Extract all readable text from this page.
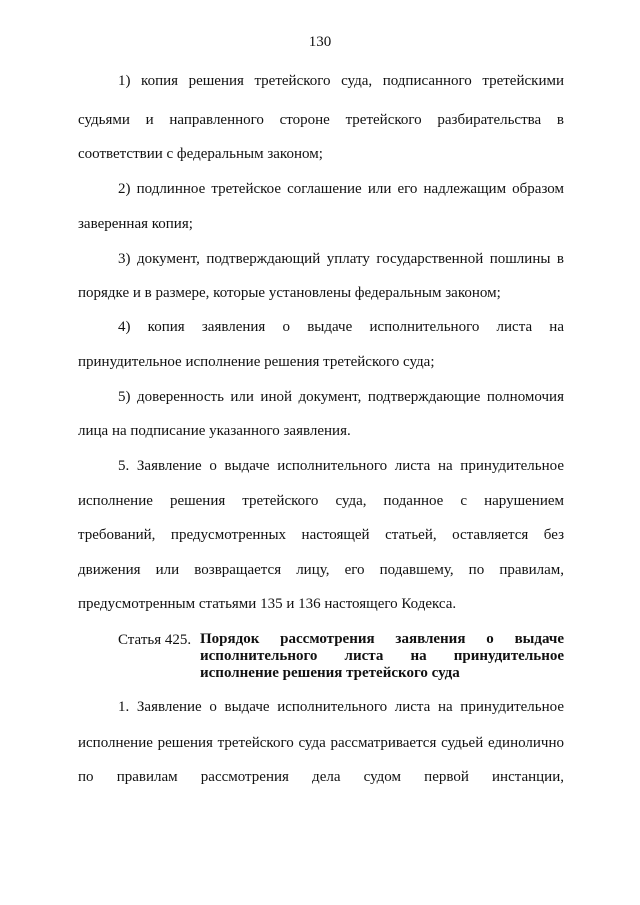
130
1) копия решения третейского суда, подписанного третейскими
судьями и направленного стороне третейского разбирательства в
соответствии с федеральным законом;
2) подлинное третейское соглашение или его надлежащим образом
заверенная копия;
3) документ, подтверждающий уплату государственной пошлины в
порядке и в размере, которые установлены федеральным законом;
4) копия заявления о выдаче исполнительного листа на
принудительное исполнение решения третейского суда;
5) доверенность или иной документ, подтверждающие полномочия
лица на подписание указанного заявления.
5. Заявление о выдаче исполнительного листа на принудительное
исполнение решения третейского суда, поданное с нарушением
требований, предусмотренных настоящей статьей, оставляется без
движения или возвращается лицу, его подавшему, по правилам,
предусмотренным статьями 135 и 136 настоящего Кодекса.
Статья 425. Порядок рассмотрения заявления о выдаче
исполнительного листа на принудительное
исполнение решения третейского суда
1. Заявление о выдаче исполнительного листа на принудительное
исполнение решения третейского суда рассматривается судьей единолично
по правилам рассмотрения дела судом первой инстанции,
